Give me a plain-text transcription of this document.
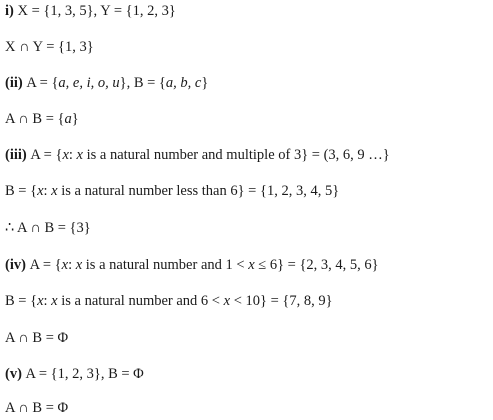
i) X = {1, 3, 5}, Y = {1, 2, 3}
X ∩ Y = {1, 3}
(ii) A = {a, e, i, o, u}, B = {a, b, c}
A ∩ B = {a}
(iii) A = {x: x is a natural number and multiple of 3} = (3, 6, 9 …}
B = {x: x is a natural number less than 6} = {1, 2, 3, 4, 5}
∴ A ∩ B = {3}
(iv) A = {x: x is a natural number and 1 < x ≤ 6} = {2, 3, 4, 5, 6}
B = {x: x is a natural number and 6 < x < 10} = {7, 8, 9}
A ∩ B = Φ
(v) A = {1, 2, 3}, B = Φ
A ∩ B = Φ
